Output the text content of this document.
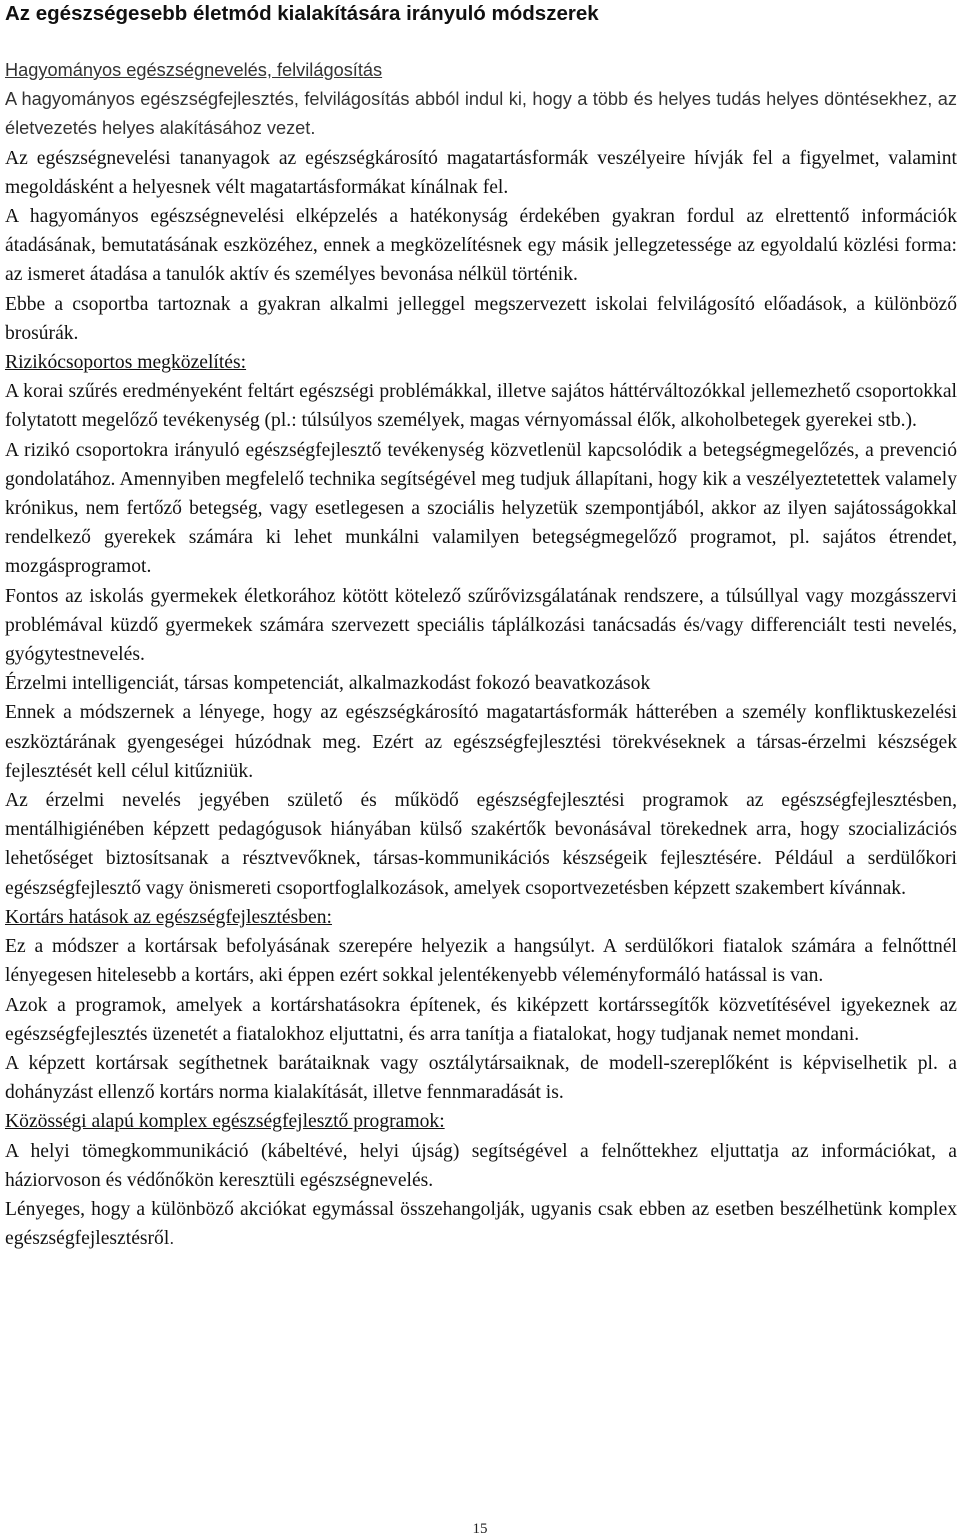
Az egészségesebb életmód kialakítására irányuló módszerek
Hagyományos egészségnevelés, felvilágosítás

A hagyományos egészségfejlesztés, felvilágosítás abból indul ki, hogy a több és helyes tudás helyes döntésekhez, az életvezetés helyes alakításához vezet.

Az egészségnevelési tananyagok az egészségkárosító magatartásformák veszélyeire hívják fel a figyelmet, valamint megoldásként a helyesnek vélt magatartásformákat kínálnak fel.

A hagyományos egészségnevelési elképzelés a hatékonyság érdekében gyakran fordul az elrettentő információk átadásának, bemutatásának eszközéhez, ennek a megközelítésnek egy másik jellegzetessége az egyoldalú közlési forma: az ismeret átadása a tanulók aktív és személyes bevonása nélkül történik.

Ebbe a csoportba tartoznak a gyakran alkalmi jelleggel megszervezett iskolai felvilágosító előadások, a különböző brosúrák.

Rizikócsoportos megközelítés:

A korai szűrés eredményeként feltárt egészségi problémákkal, illetve sajátos háttérváltozókkal jellemezhető csoportokkal folytatott megelőző tevékenység (pl.: túlsúlyos személyek, magas vérnyomással élők, alkoholbetegek gyerekei stb.).

A rizikó csoportokra irányuló egészségfejlesztő tevékenység közvetlenül kapcsolódik a betegségmegelőzés, a prevenció gondolatához. Amennyiben megfelelő technika segítségével meg tudjuk állapítani, hogy kik a veszélyeztetettek valamely krónikus, nem fertőző betegség, vagy esetlegesen a szociális helyzetük szempontjából, akkor az ilyen sajátosságokkal rendelkező gyerekek számára ki lehet munkálni valamilyen betegségmegelőző programot, pl. sajátos étrendet, mozgásprogramot.

Fontos az iskolás gyermekek életkorához kötött kötelező szűrővizsgálatának rendszere, a túlsúllyal vagy mozgásszervi problémával küzdő gyermekek számára szervezett speciális táplálkozási tanácsadás és/vagy differenciált testi nevelés, gyógytestnevelés.

Érzelmi intelligenciát, társas kompetenciát, alkalmazkodást fokozó beavatkozások

Ennek a módszernek a lényege, hogy az egészségkárosító magatartásformák hátterében a személy konfliktuskezelési eszköztárának gyengeségei húzódnak meg. Ezért az egészségfejlesztési törekvéseknek a társas-érzelmi készségek fejlesztését kell célul kitűzniük.

Az érzelmi nevelés jegyében születő és működő egészségfejlesztési programok az egészségfejlesztésben, mentálhigiénében képzett pedagógusok hiányában külső szakértők bevonásával törekednek arra, hogy szocializációs lehetőséget biztosítsanak a résztvevőknek, társas-kommunikációs készségeik fejlesztésére. Például a serdülőkori egészségfejlesztő vagy önismereti csoportfoglalkozások, amelyek csoportvezetésben képzett szakembert kívánnak.

Kortárs hatások az egészségfejlesztésben:

Ez a módszer a kortársak befolyásának szerepére helyezik a hangsúlyt. A serdülőkori fiatalok számára a felnőttnél lényegesen hitelesebb a kortárs, aki éppen ezért sokkal jelentékenyebb véleményformáló hatással is van.

Azok a programok, amelyek a kortárshatásokra építenek, és kiképzett kortárssegítők közvetítésével igyekeznek az egészségfejlesztés üzenetét a fiatalokhoz eljuttatni, és arra tanítja a fiatalokat, hogy tudjanak nemet mondani.

A képzett kortársak segíthetnek barátaiknak vagy osztálytársaiknak, de modell-szereplőként is képviselhetik pl. a dohányzást ellenző kortárs norma kialakítását, illetve fennmaradását is.

Közösségi alapú komplex egészségfejlesztő programok:

A helyi tömegkommunikáció (kábeltévé, helyi újság) segítségével a felnőttekhez eljuttatja az információkat, a háziorvoson és védőnőkön keresztüli egészségnevelés.

Lényeges, hogy a különböző akciókat egymással összehangolják, ugyanis csak ebben az esetben beszélhetünk komplex egészségfejlesztésről.

15
